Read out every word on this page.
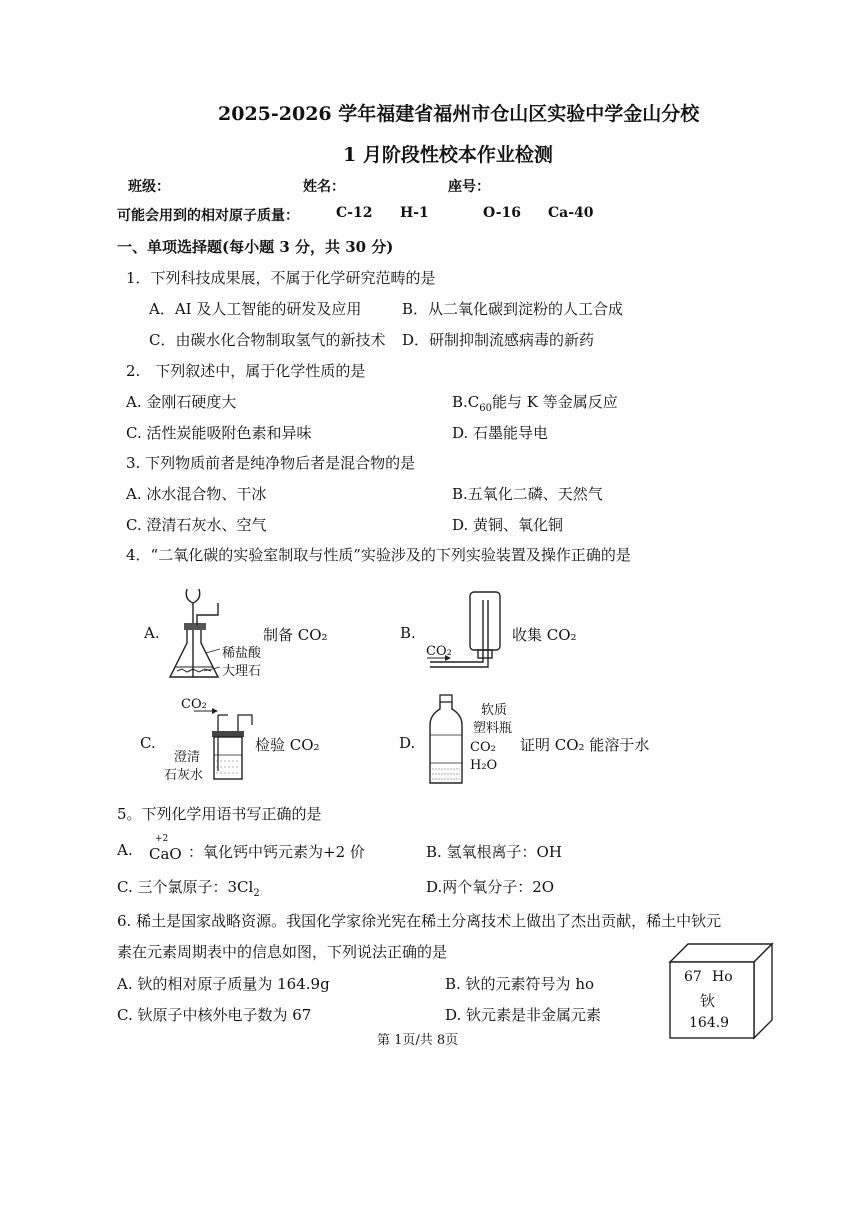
2025-2026 学年福建省福州市仓山区实验中学金山分校
1 月阶段性校本作业检测
班级：	姓名：	座号：
可能会用到的相对原子质量：	C-12 H-1	O-16 Ca-40
一、单项选择题(每小题 3 分，共 30 分)
1．下列科技成果展，不属于化学研究范畴的是
A．AI 及人工智能的研发及应用	B．从二氧化碳到淀粉的人工合成
C．由碳水化合物制取氢气的新技术 D．研制抑制流感病毒的新药
2.　下列叙述中，属于化学性质的是
A. 金刚石硬度大	$B.C_{60}$能与 K 等金属反应
C. 活性炭能吸附色素和异味	D. 石墨能导电
3. 下列物质前者是纯净物后者是混合物的是
A. 冰水混合物、干冰	B.五氧化二磷、天然气
C. 澄清石灰水、空气	D. 黄铜、氧化铜
4．“二氧化碳的实验室制取与性质”实验涉及的下列实验装置及操作正确的是
A.
稀盐酸
大理石
制备 CO₂	B.
CO₂
收集 CO₂
C.
CO₂
澄清
石灰水
检验 CO₂	D.
软质
塑料瓶
CO₂
H₂O
证明 CO₂ 能溶于水
5。下列化学用语书写正确的是
A.
+2
CaO ：氧化钙中钙元素为+2 价	B. 氢氧根离子：OH
C. 三个氯原子：$3Cl_2$	D.两个氧分子：2O
6. 稀土是国家战略资源。我国化学家徐光宪在稀土分离技术上做出了杰出贡献，稀土中钬元
素在元素周期表中的信息如图，下列说法正确的是
A. 钬的相对原子质量为 164.9g	B. 钬的元素符号为 ho
C. 钬原子中核外电子数为 67	D. 钬元素是非金属元素
67 Ho
钬
164.9
第 1页/共 8页
